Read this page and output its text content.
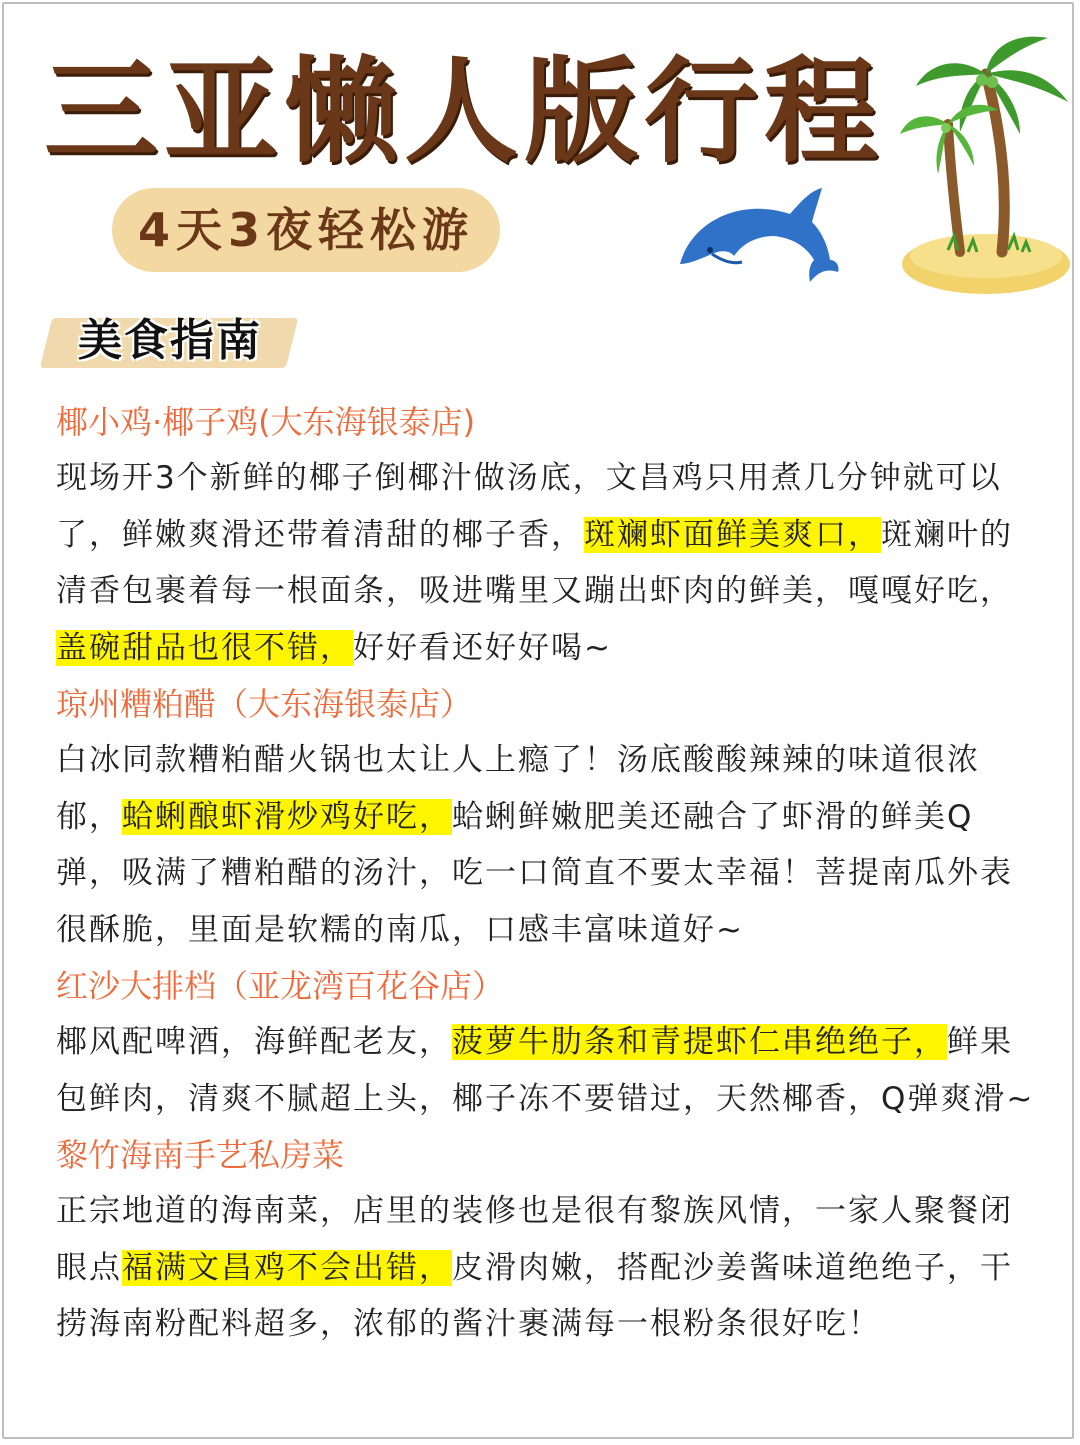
三亚懒人版行程
4天3夜轻松游
美食指南
椰小鸡·椰子鸡(大东海银泰店)

现场开3个新鲜的椰子倒椰汁做汤底，文昌鸡只用煮几分钟就可以了，鲜嫩爽滑还带着清甜的椰子香，斑斓虾面鲜美爽口，斑斓叶的清香包裹着每一根面条，吸进嘴里又蹦出虾肉的鲜美，嘎嘎好吃，盖碗甜品也很不错，好好看还好好喝~

琼州糟粕醋（大东海银泰店）

白冰同款糟粕醋火锅也太让人上瘾了！汤底酸酸辣辣的味道很浓郁，蛤蜊酿虾滑炒鸡好吃，蛤蜊鲜嫩肥美还融合了虾滑的鲜美Q弹，吸满了糟粕醋的汤汁，吃一口简直不要太幸福！菩提南瓜外表很酥脆，里面是软糯的南瓜，口感丰富味道好~

红沙大排档（亚龙湾百花谷店）

椰风配啤酒，海鲜配老友，菠萝牛肋条和青提虾仁串绝绝子，鲜果包鲜肉，清爽不腻超上头，椰子冻不要错过，天然椰香，Q弹爽滑~

黎竹海南手艺私房菜

正宗地道的海南菜，店里的装修也是很有黎族风情，一家人聚餐闭眼点福满文昌鸡不会出错，皮滑肉嫩，搭配沙姜酱味道绝绝子，干捞海南粉配料超多，浓郁的酱汁裹满每一根粉条很好吃！
